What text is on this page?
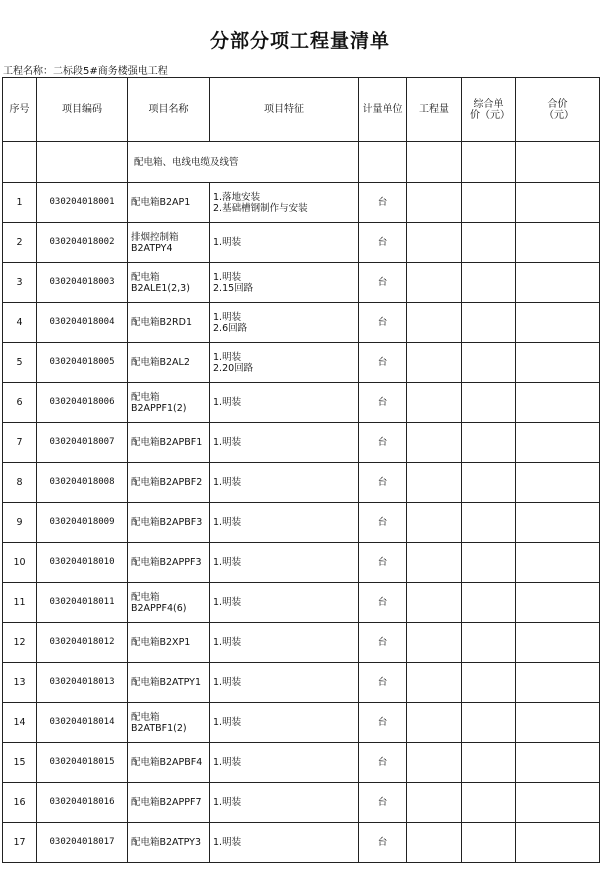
分部分项工程量清单
工程名称：二标段5#商务楼强电工程
序号	项目编码	项目名称	项目特征	计量单位	工程量	综合单价（元）	合价（元）
		配电箱、电线电缆及线管					
1	030204018001	配电箱B2AP1	1.落地安装
2.基础槽钢制作与安装	台			
2	030204018002	排烟控制箱
B2ATPY4	1.明装	台			
3	030204018003	配电箱
B2ALE1(2,3)	1.明装
2.15回路	台			
4	030204018004	配电箱B2RD1	1.明装
2.6回路	台			
5	030204018005	配电箱B2AL2	1.明装
2.20回路	台			
6	030204018006	配电箱
B2APPF1(2)	1.明装	台			
7	030204018007	配电箱B2APBF1	1.明装	台			
8	030204018008	配电箱B2APBF2	1.明装	台			
9	030204018009	配电箱B2APBF3	1.明装	台			
10	030204018010	配电箱B2APPF3	1.明装	台			
11	030204018011	配电箱
B2APPF4(6)	1.明装	台			
12	030204018012	配电箱B2XP1	1.明装	台			
13	030204018013	配电箱B2ATPY1	1.明装	台			
14	030204018014	配电箱
B2ATBF1(2)	1.明装	台			
15	030204018015	配电箱B2APBF4	1.明装	台			
16	030204018016	配电箱B2APPF7	1.明装	台			
17	030204018017	配电箱B2ATPY3	1.明装	台			
